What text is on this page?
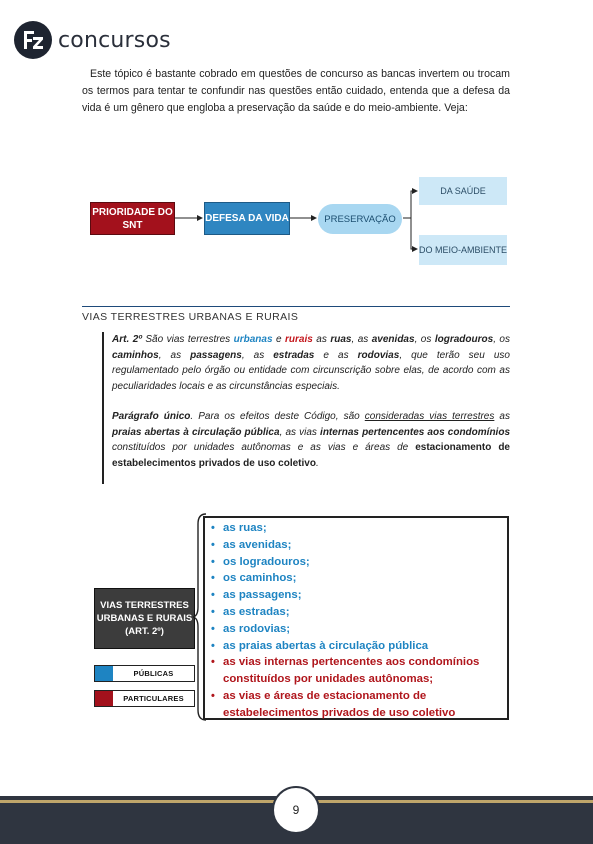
concursos

Este tópico é bastante cobrado em questões de concurso as bancas invertem ou trocam os termos para tentar te confundir nas questões então cuidado, entenda que a defesa da vida é um gênero que engloba a preservação da saúde e do meio-ambiente. Veja:

PRIORIDADE DO SNT
DEFESA DA VIDA	PRESERVAÇÃO
DA SAÚDE
DO MEIO-AMBIENTE
VIAS TERRESTRES URBANAS E RURAIS

Art. 2º São vias terrestres urbanas e rurais as ruas, as avenidas, os logradouros, os caminhos, as passagens, as estradas e as rodovias, que terão seu uso regulamentado pelo órgão ou entidade com circunscrição sobre elas, de acordo com as peculiaridades locais e as circunstâncias especiais.

Parágrafo único. Para os efeitos deste Código, são consideradas vias terrestres as praias abertas à circulação pública, as vias internas pertencentes aos condomínios constituídos por unidades autônomas e as vias e áreas de estacionamento de estabelecimentos privados de uso coletivo.

VIAS TERRESTRES URBANAS E RURAIS (ART. 2º)
PÚBLICAS
PARTICULARES
• as ruas;
• as avenidas;
• os logradouros;
• os caminhos;
• as passagens;
• as estradas;
• as rodovias;
• as praias abertas à circulação pública
• as vias internas pertencentes aos condomínios constituídos por unidades autônomas;
• as vias e áreas de estacionamento de estabelecimentos privados de uso coletivo
9
